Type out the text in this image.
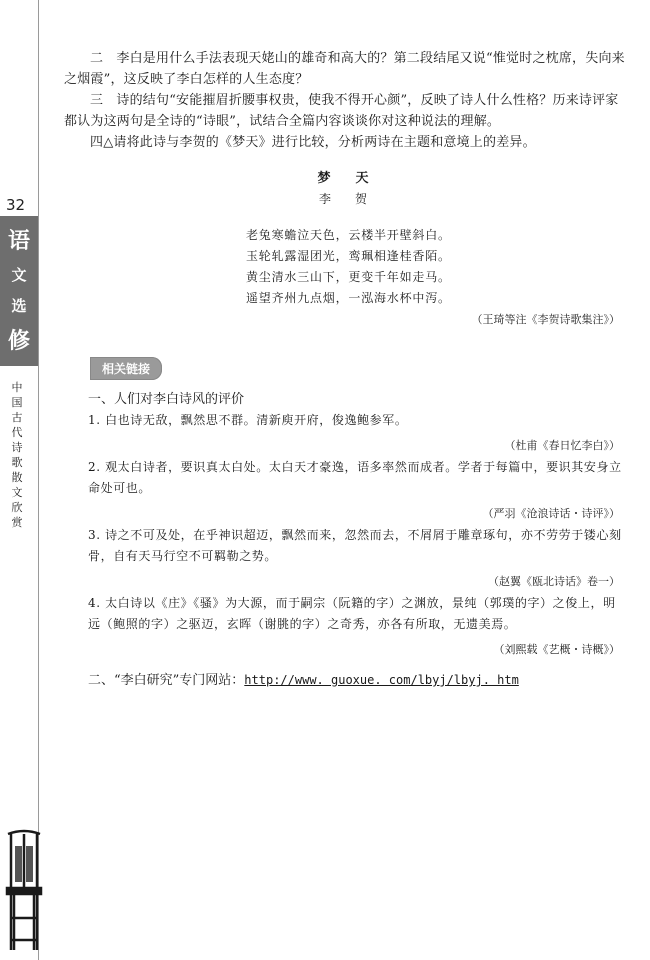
32
语
文
选
修
中
国
古
代
诗
歌
散
文
欣
赏

二　李白是用什么手法表现天姥山的雄奇和高大的？第二段结尾又说“惟觉时之枕席，失向来之烟霞”，这反映了李白怎样的人生态度？

三　诗的结句“安能摧眉折腰事权贵，使我不得开心颜”，反映了诗人什么性格？历来诗评家都认为这两句是全诗的“诗眼”，试结合全篇内容谈谈你对这种说法的理解。

四△请将此诗与李贺的《梦天》进行比较，分析两诗在主题和意境上的差异。

梦　天
李　贺
老兔寒蟾泣天色，云楼半开壁斜白。
玉轮轧露湿团光，鸾珮相逢桂香陌。
黄尘清水三山下，更变千年如走马。
遥望齐州九点烟，一泓海水杯中泻。
（王琦等注《李贺诗歌集注》）
相关链接
一、人们对李白诗风的评价

1. 白也诗无敌，飘然思不群。清新庾开府，俊逸鲍参军。

（杜甫《春日忆李白》）

2. 观太白诗者，要识真太白处。太白天才豪逸，语多率然而成者。学者于每篇中，要识其安身立命处可也。

（严羽《沧浪诗话・诗评》）

3. 诗之不可及处，在乎神识超迈，飘然而来，忽然而去，不屑屑于雕章琢句，亦不劳劳于镂心刻骨，自有天马行空不可羁勒之势。

（赵翼《瓯北诗话》卷一）

4. 太白诗以《庄》《骚》为大源，而于嗣宗（阮籍的字）之渊放，景纯（郭璞的字）之俊上，明远（鲍照的字）之驱迈，玄晖（谢朓的字）之奇秀，亦各有所取，无遗美焉。

（刘熙载《艺概・诗概》）

二、“李白研究”专门网站：http://www. guoxue. com/lbyj/lbyj. htm
